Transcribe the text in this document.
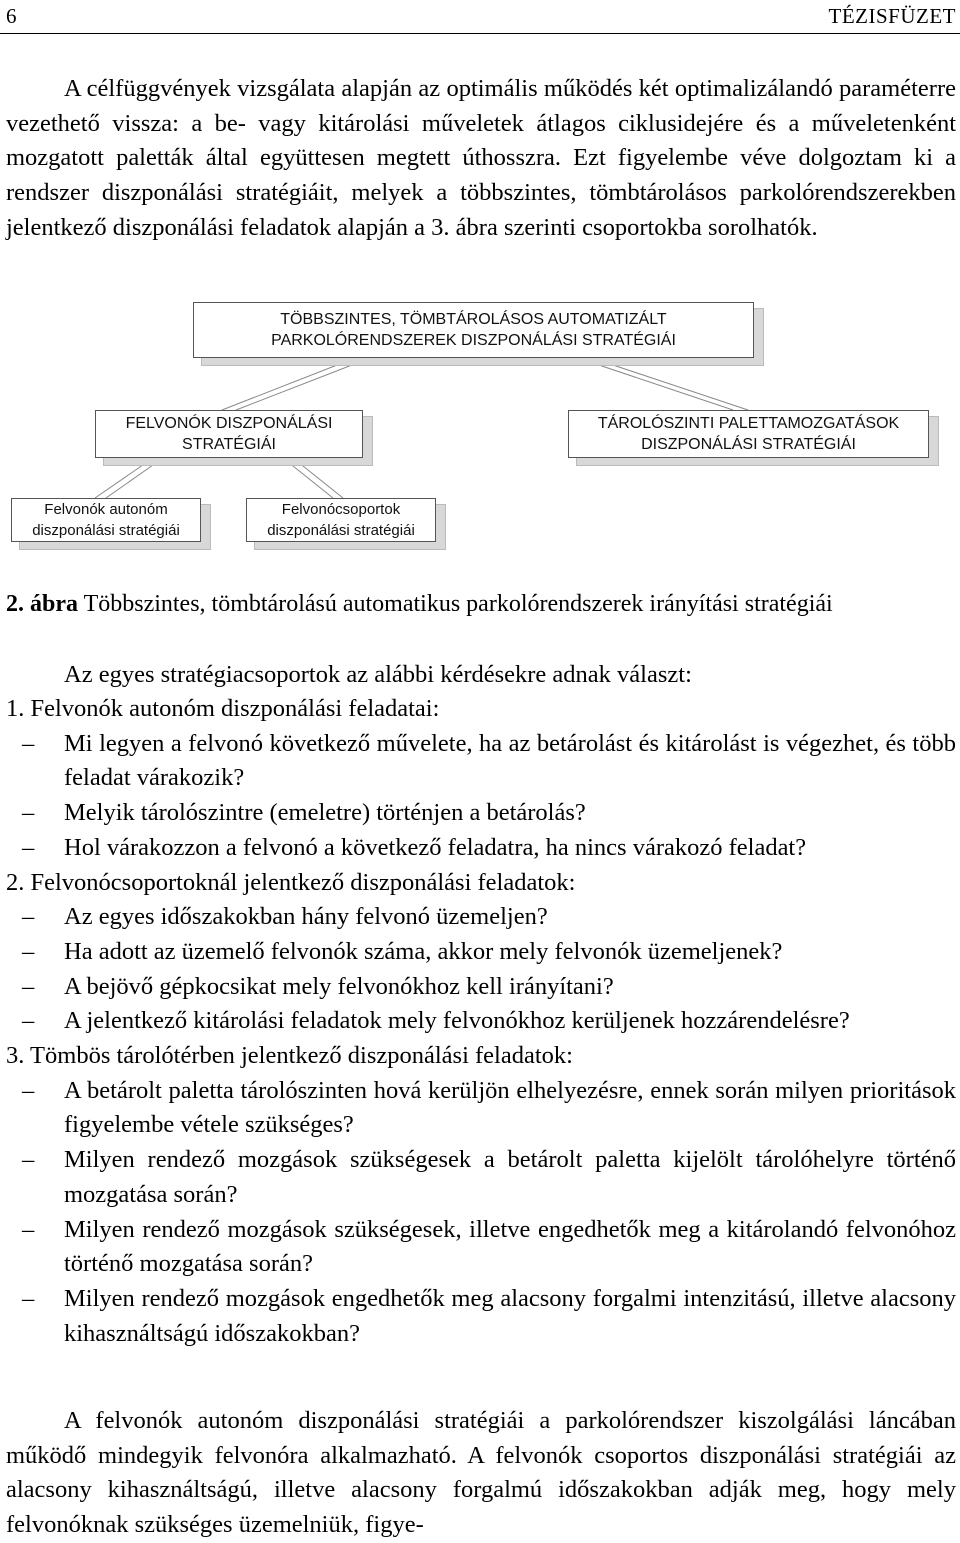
6	TÉZISFÜZET

A célfüggvények vizsgálata alapján az optimális működés két optimalizálandó paraméterre vezethető vissza: a be- vagy kitárolási műveletek átlagos ciklusidejére és a műveletenként mozgatott paletták által együttesen megtett úthosszra. Ezt figyelembe véve dolgoztam ki a rendszer diszponálási stratégiáit, melyek a többszintes, tömbtárolásos parkolórendszerekben jelentkező diszponálási feladatok alapján a 3. ábra szerinti csoportokba sorolhatók.

TÖBBSZINTES, TÖMBTÁROLÁSOS AUTOMATIZÁLT
PARKOLÓRENDSZEREK DISZPONÁLÁSI STRATÉGIÁI
FELVONÓK DISZPONÁLÁSI
STRATÉGIÁI
TÁROLÓSZINTI PALETTAMOZGATÁSOK
DISZPONÁLÁSI STRATÉGIÁI
Felvonók autonóm
diszponálási stratégiái
Felvonócsoportok
diszponálási stratégiái
2. ábra Többszintes, tömbtárolású automatikus parkolórendszerek irányítási stratégiái
Az egyes stratégiacsoportok az alábbi kérdésekre adnak választ:

1. Felvonók autonóm diszponálási feladatai:

– Mi legyen a felvonó következő művelete, ha az betárolást és kitárolást is végezhet, és több feladat várakozik?

– Melyik tárolószintre (emeletre) történjen a betárolás?

– Hol várakozzon a felvonó a következő feladatra, ha nincs várakozó feladat?

2. Felvonócsoportoknál jelentkező diszponálási feladatok:

– Az egyes időszakokban hány felvonó üzemeljen?

– Ha adott az üzemelő felvonók száma, akkor mely felvonók üzemeljenek?

– A bejövő gépkocsikat mely felvonókhoz kell irányítani?

– A jelentkező kitárolási feladatok mely felvonókhoz kerüljenek hozzárendelésre?

3. Tömbös tárolótérben jelentkező diszponálási feladatok:

– A betárolt paletta tárolószinten hová kerüljön elhelyezésre, ennek során milyen prioritások figyelembe vétele szükséges?

– Milyen rendező mozgások szükségesek a betárolt paletta kijelölt tárolóhelyre történő mozgatása során?

– Milyen rendező mozgások szükségesek, illetve engedhetők meg a kitárolandó felvonóhoz történő mozgatása során?

– Milyen rendező mozgások engedhetők meg alacsony forgalmi intenzitású, illetve alacsony kihasználtságú időszakokban?

A felvonók autonóm diszponálási stratégiái a parkolórendszer kiszolgálási láncában működő mindegyik felvonóra alkalmazható. A felvonók csoportos diszponálási stratégiái az alacsony kihasználtságú, illetve alacsony forgalmú időszakokban adják meg, hogy mely felvonóknak szükséges üzemelniük, figye-
